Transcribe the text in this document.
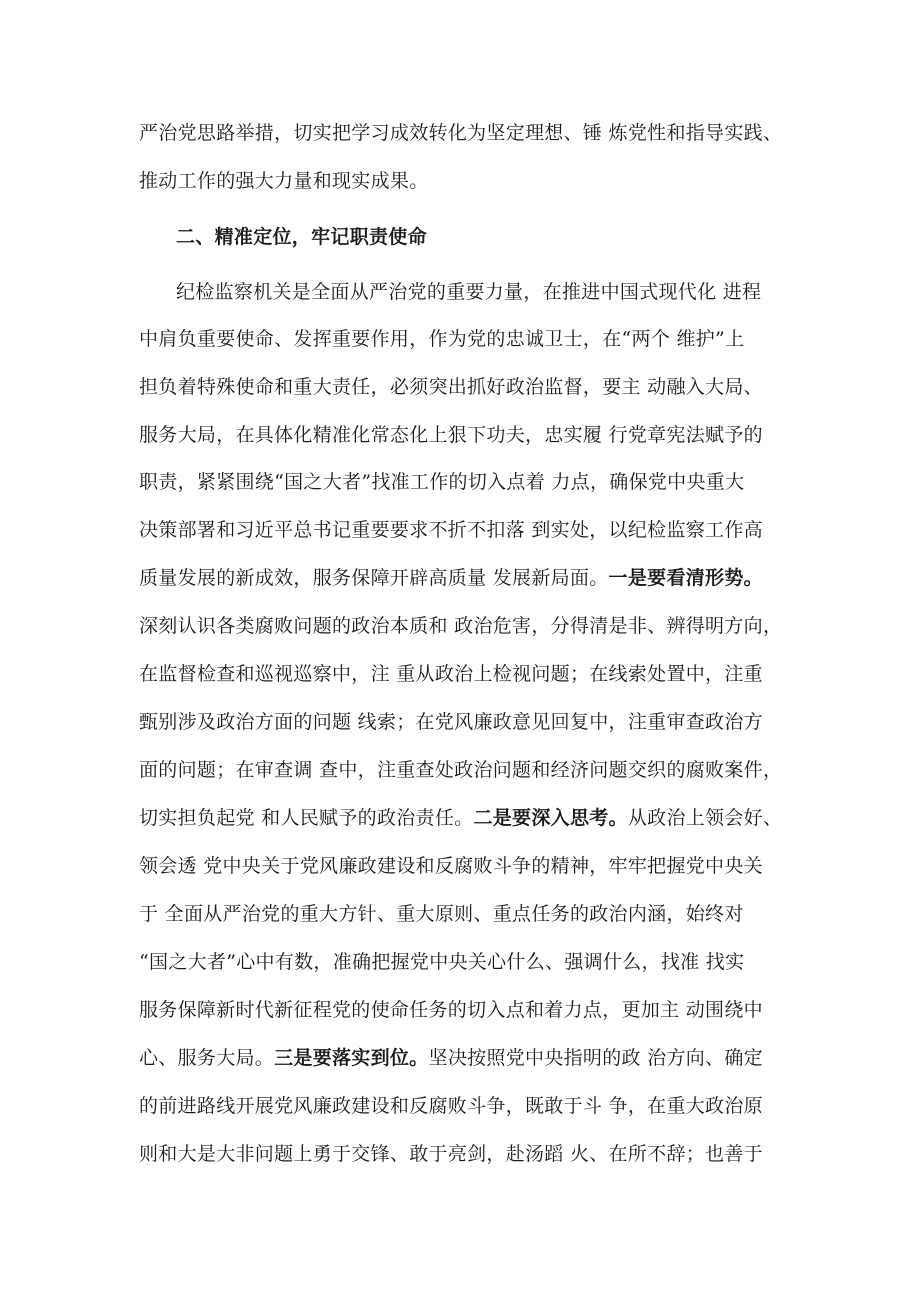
严治党思路举措，切实把学习成效转化为坚定理想、锤 炼党性和指导实践、
推动工作的强大力量和现实成果。
二、精准定位，牢记职责使命
纪检监察机关是全面从严治党的重要力量，在推进中国式现代化 进程
中肩负重要使命、发挥重要作用，作为党的忠诚卫士，在“两个 维护”上
担负着特殊使命和重大责任，必须突出抓好政治监督，要主 动融入大局、
服务大局，在具体化精准化常态化上狠下功夫，忠实履 行党章宪法赋予的
职责，紧紧围绕“国之大者”找准工作的切入点着 力点，确保党中央重大
决策部署和习近平总书记重要要求不折不扣落 到实处，以纪检监察工作高
质量发展的新成效，服务保障开辟高质量 发展新局面。一是要看清形势。
深刻认识各类腐败问题的政治本质和 政治危害，分得清是非、辨得明方向，
在监督检查和巡视巡察中，注 重从政治上检视问题；在线索处置中，注重
甄别涉及政治方面的问题 线索；在党风廉政意见回复中，注重审查政治方
面的问题；在审查调 查中，注重查处政治问题和经济问题交织的腐败案件，
切实担负起党 和人民赋予的政治责任。二是要深入思考。从政治上领会好、
领会透 党中央关于党风廉政建设和反腐败斗争的精神，牢牢把握党中央关
于 全面从严治党的重大方针、重大原则、重点任务的政治内涵，始终对
“国之大者”心中有数，准确把握党中央关心什么、强调什么，找准 找实
服务保障新时代新征程党的使命任务的切入点和着力点，更加主 动围绕中
心、服务大局。三是要落实到位。坚决按照党中央指明的政 治方向、确定
的前进路线开展党风廉政建设和反腐败斗争，既敢于斗 争，在重大政治原
则和大是大非问题上勇于交锋、敢于亮剑，赴汤蹈 火、在所不辞；也善于
